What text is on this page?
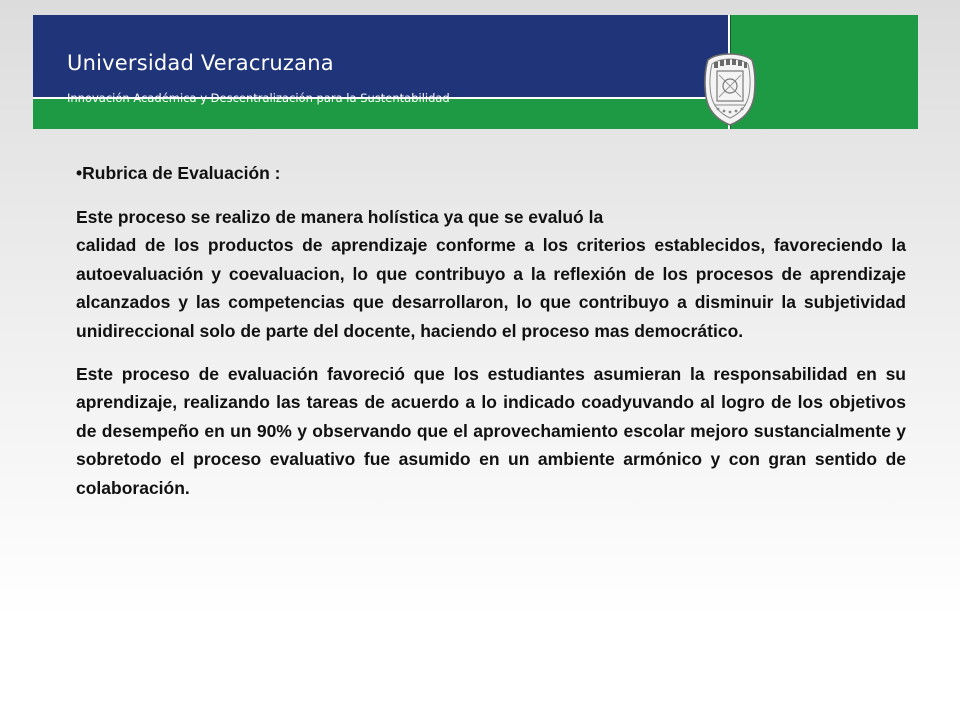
Universidad Veracruzana
Innovación Académica y Descentralización para la Sustentabilidad

•Rubrica de Evaluación :

Este proceso se realizo de manera holística ya que se evaluó la

calidad de los productos de aprendizaje conforme a los criterios establecidos, favoreciendo la autoevaluación y coevaluacion, lo que contribuyo a la reflexión de los procesos de aprendizaje alcanzados y las competencias que desarrollaron, lo que contribuyo a disminuir la subjetividad unidireccional solo de parte del docente, haciendo el proceso mas democrático.

Este proceso de evaluación favoreció que los estudiantes asumieran la responsabilidad en su aprendizaje, realizando las tareas de acuerdo a lo indicado coadyuvando al logro de los objetivos de desempeño en un 90% y observando que el aprovechamiento escolar mejoro sustancialmente y sobretodo el proceso evaluativo fue asumido en un ambiente armónico y con gran sentido de colaboración.
